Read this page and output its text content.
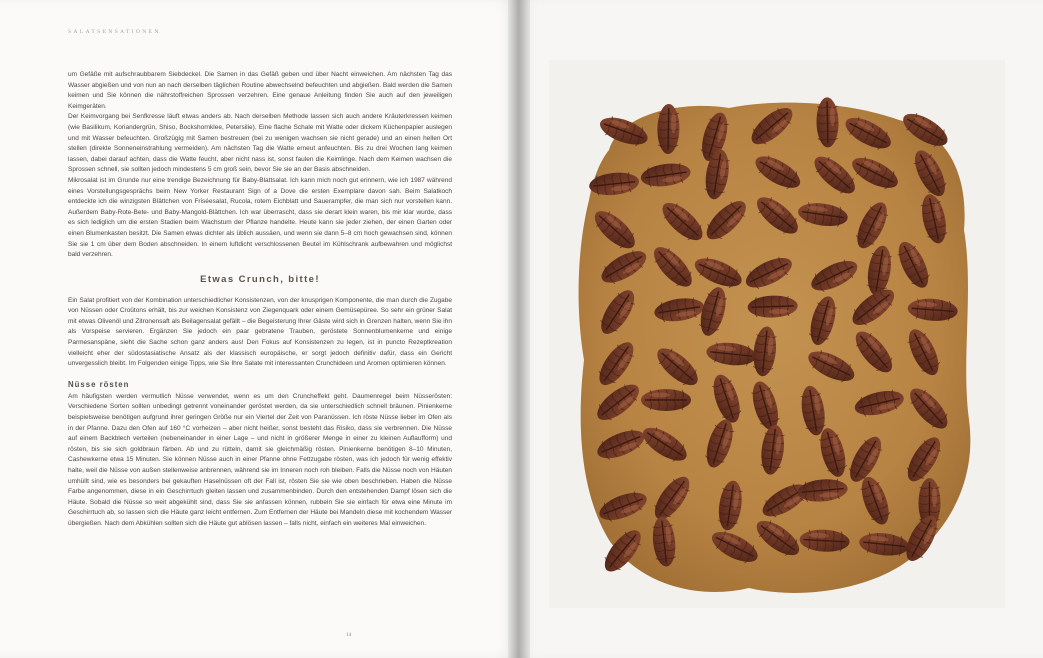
SALATSENSATIONEN

um Gefäße mit aufschraubbarem Siebdeckel. Die Samen in das Gefäß geben und über Nacht einweichen. Am nächsten Tag das Wasser abgießen und von nun an nach derselben täglichen Routine abwechselnd befeuchten und abgießen. Bald werden die Samen keimen und Sie können die nährstoffreichen Sprossen verzehren. Eine genaue Anleitung finden Sie auch auf den jeweiligen Keimgeräten.

Der Keimvorgang bei Senfkresse läuft etwas anders ab. Nach derselben Methode lassen sich auch andere Kräuterkressen keimen (wie Basilikum, Koriandergrün, Shiso, Bockshornklee, Petersilie). Eine flache Schale mit Watte oder dickem Küchenpapier auslegen und mit Wasser befeuchten. Großzügig mit Samen bestreuen (bei zu wenigen wachsen sie nicht gerade) und an einen hellen Ort stellen (direkte Sonneneinstrahlung vermeiden). Am nächsten Tag die Watte erneut anfeuchten. Bis zu drei Wochen lang keimen lassen, dabei darauf achten, dass die Watte feucht, aber nicht nass ist, sonst faulen die Keimlinge. Nach dem Keimen wachsen die Sprossen schnell, sie sollten jedoch mindestens 5 cm groß sein, bevor Sie sie an der Basis abschneiden.

Mikrosalat ist im Grunde nur eine trendige Bezeichnung für Baby-Blattsalat. Ich kann mich noch gut erinnern, wie ich 1987 während eines Vorstellungsgesprächs beim New Yorker Restaurant Sign of a Dove die ersten Exemplare davon sah. Beim Salatkoch entdeckte ich die winzigsten Blättchen von Friséesalat, Rucola, rotem Eichblatt und Sauerampfer, die man sich nur vorstellen kann. Außerdem Baby-Rote-Bete- und Baby-Mangold-Blättchen. Ich war überrascht, dass sie derart klein waren, bis mir klar wurde, dass es sich lediglich um die ersten Stadien beim Wachstum der Pflanze handelte. Heute kann sie jeder ziehen, der einen Garten oder einen Blumenkasten besitzt. Die Samen etwas dichter als üblich aussäen, und wenn sie dann 5–8 cm hoch gewachsen sind, können Sie sie 1 cm über dem Boden abschneiden. In einem luftdicht verschlossenen Beutel im Kühlschrank aufbewahren und möglichst bald verzehren.

Etwas Crunch, bitte!

Ein Salat profitiert von der Kombination unterschiedlicher Konsistenzen, von der knusprigen Komponente, die man durch die Zugabe von Nüssen oder Croûtons erhält, bis zur weichen Konsistenz von Ziegenquark oder einem Gemüsepüree. So sehr ein grüner Salat mit etwas Olivenöl und Zitronensaft als Beilagensalat gefällt – die Begeisterung Ihrer Gäste wird sich in Grenzen halten, wenn Sie ihn als Vorspeise servieren. Ergänzen Sie jedoch ein paar gebratene Trauben, geröstete Sonnenblumenkerne und einige Parmesanspäne, sieht die Sache schon ganz anders aus! Den Fokus auf Konsistenzen zu legen, ist in puncto Rezeptkreation vielleicht eher der südostasiatische Ansatz als der klassisch europäische, er sorgt jedoch definitiv dafür, dass ein Gericht unvergesslich bleibt. Im Folgenden einige Tipps, wie Sie Ihre Salate mit interessanten Crunchideen und Aromen optimieren können.

Nüsse rösten

Am häufigsten werden vermutlich Nüsse verwendet, wenn es um den Cruncheffekt geht. Daumenregel beim Nüsserösten: Verschiedene Sorten sollten unbedingt getrennt voneinander geröstet werden, da sie unterschiedlich schnell bräunen. Pinienkerne beispielsweise benötigen aufgrund ihrer geringen Größe nur ein Viertel der Zeit von Paranüssen. Ich röste Nüsse lieber im Ofen als in der Pfanne. Dazu den Ofen auf 160 °C vorheizen – aber nicht heißer, sonst besteht das Risiko, dass sie verbrennen. Die Nüsse auf einem Backblech verteilen (nebeneinander in einer Lage – und nicht in größerer Menge in einer zu kleinen Auflaufform) und rösten, bis sie sich goldbraun färben. Ab und zu rütteln, damit sie gleichmäßig rösten. Pinienkerne benötigen 8–10 Minuten, Cashewkerne etwa 15 Minuten. Sie können Nüsse auch in einer Pfanne ohne Fettzugabe rösten, was ich jedoch für wenig effektiv halte, weil die Nüsse von außen stellenweise anbrennen, während sie im Inneren noch roh bleiben. Falls die Nüsse noch von Häuten umhüllt sind, wie es besonders bei gekauften Haselnüssen oft der Fall ist, rösten Sie sie wie oben beschrieben. Haben die Nüsse Farbe angenommen, diese in ein Geschirrtuch gleiten lassen und zusammenbinden. Durch den entstehenden Dampf lösen sich die Häute. Sobald die Nüsse so weit abgekühlt sind, dass Sie sie anfassen können, rubbeln Sie sie einfach für etwa eine Minute im Geschirrtuch ab, so lassen sich die Häute ganz leicht entfernen. Zum Entfernen der Häute bei Mandeln diese mit kochendem Wasser übergießen. Nach dem Abkühlen sollten sich die Häute gut ablösen lassen – falls nicht, einfach ein weiteres Mal einweichen.

14
